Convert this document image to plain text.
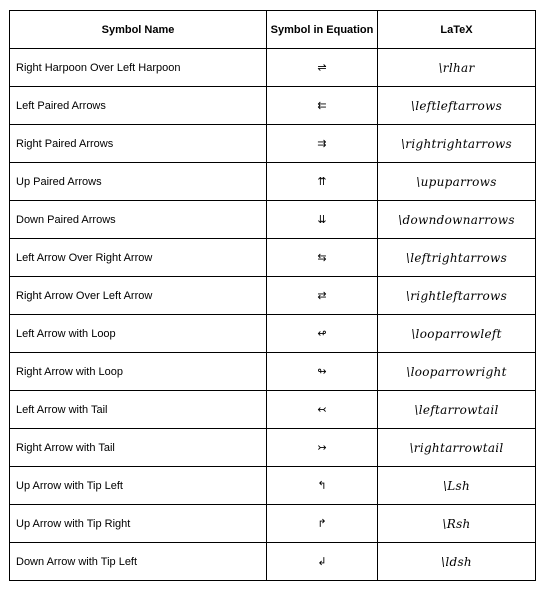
Symbol Name	Symbol in Equation	LaTeX
Right Harpoon Over Left Harpoon	⇌	\rlhar
Left Paired Arrows	⇇	\leftleftarrows
Right Paired Arrows	⇉	\rightrightarrows
Up Paired Arrows	⇈	\upuparrows
Down Paired Arrows	⇊	\downdownarrows
Left Arrow Over Right Arrow	⇆	\leftrightarrows
Right Arrow Over Left Arrow	⇄	\rightleftarrows
Left Arrow with Loop	↫	\looparrowleft
Right Arrow with Loop	↬	\looparrowright
Left Arrow with Tail	↢	\leftarrowtail
Right Arrow with Tail	↣	\rightarrowtail
Up Arrow with Tip Left	↰	\Lsh
Up Arrow with Tip Right	↱	\Rsh
Down Arrow with Tip Left	↲	\ldsh
